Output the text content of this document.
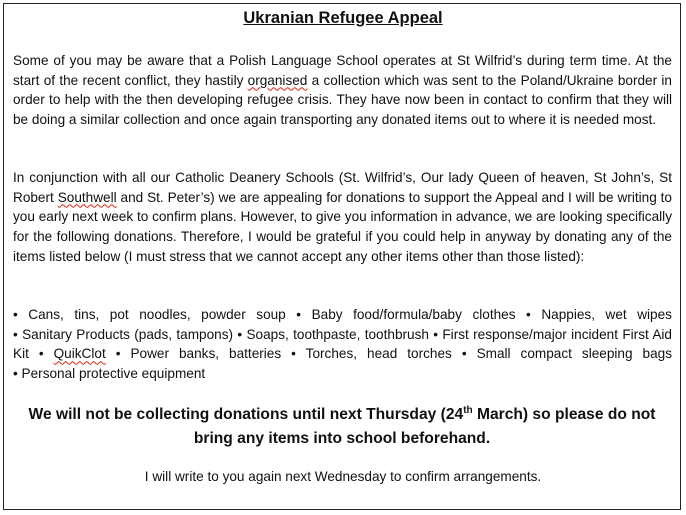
Ukranian Refugee Appeal

Some of you may be aware that a Polish Language School operates at St Wilfrid’s during term time. At the start of the recent conflict, they hastily organised a collection which was sent to the Poland/Ukraine border in order to help with the then developing refugee crisis. They have now been in contact to confirm that they will be doing a similar collection and once again transporting any donated items out to where it is needed most.

In conjunction with all our Catholic Deanery Schools (St. Wilfrid’s, Our lady Queen of heaven, St John’s, St Robert Southwell and St. Peter’s) we are appealing for donations to support the Appeal and I will be writing to you early next week to confirm plans. However, to give you information in advance, we are looking specifically for the following donations. Therefore, I would be grateful if you could help in anyway by donating any of the items listed below (I must stress that we cannot accept any other items other than those listed):

• Cans, tins, pot noodles, powder soup • Baby food/formula/baby clothes • Nappies, wet wipes • Sanitary Products (pads, tampons) • Soaps, toothpaste, toothbrush • First response/major incident First Aid Kit • QuikClot • Power banks, batteries • Torches, head torches • Small compact sleeping bags • Personal protective equipment

We will not be collecting donations until next Thursday (24th March) so please do not bring any items into school beforehand.
I will write to you again next Wednesday to confirm arrangements.
